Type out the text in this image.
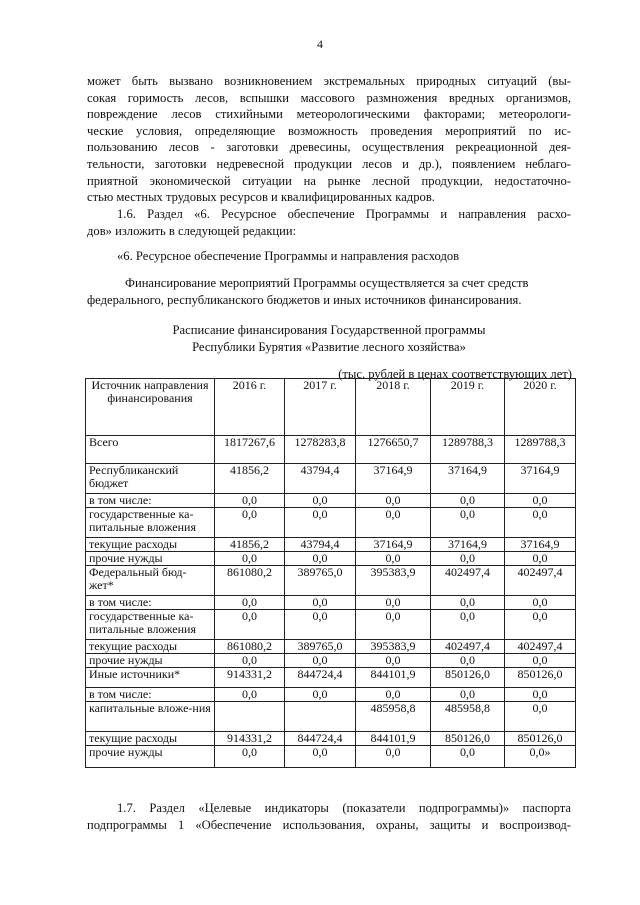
4
может быть вызвано возникновением экстремальных природных ситуаций (вы-
сокая горимость лесов, вспышки массового размножения вредных организмов,
повреждение лесов стихийными метеорологическими факторами; метеорологи-
ческие условия, определяющие возможность проведения мероприятий по ис-
пользованию лесов - заготовки древесины, осуществления рекреационной дея-
тельности, заготовки недревесной продукции лесов и др.), появлением неблаго-
приятной экономической ситуации на рынке лесной продукции, недостаточно-
стью местных трудовых ресурсов и квалифицированных кадров.
1.6. Раздел «6. Ресурсное обеспечение Программы и направления расхо-
дов» изложить в следующей редакции:
«6. Ресурсное обеспечение Программы и направления расходов
Финансирование мероприятий Программы осуществляется за счет средств
федерального, республиканского бюджетов и иных источников финансирования.
Расписание финансирования Государственной программы
Республики Бурятия «Развитие лесного хозяйства»
(тыс. рублей в ценах соответствующих лет)
Источник направления финансирования	2016 г.	2017 г.	2018 г.	2019 г.	2020 г.
Всего	1817267,6	1278283,8	1276650,7	1289788,3	1289788,3
Республиканский бюджет	41856,2	43794,4	37164,9	37164,9	37164,9
в том числе:	0,0	0,0	0,0	0,0	0,0
государственные ка-питальные вложения	0,0	0,0	0,0	0,0	0,0
текущие расходы	41856,2	43794,4	37164,9	37164,9	37164,9
прочие нужды	0,0	0,0	0,0	0,0	0,0
Федеральный бюд-жет*	861080,2	389765,0	395383,9	402497,4	402497,4
в том числе:	0,0	0,0	0,0	0,0	0,0
государственные ка-питальные вложения	0,0	0,0	0,0	0,0	0,0
текущие расходы	861080,2	389765,0	395383,9	402497,4	402497,4
прочие нужды	0,0	0,0	0,0	0,0	0,0
Иные источники*	914331,2	844724,4	844101,9	850126,0	850126,0
в том числе:	0,0	0,0	0,0	0,0	0,0
капитальные вложе-ния			485958,8	485958,8	0,0
текущие расходы	914331,2	844724,4	844101,9	850126,0	850126,0
прочие нужды	0,0	0,0	0,0	0,0	0,0»
1.7. Раздел «Целевые индикаторы (показатели подпрограммы)» паспорта
подпрограммы 1 «Обеспечение использования, охраны, защиты и воспроизвод-
